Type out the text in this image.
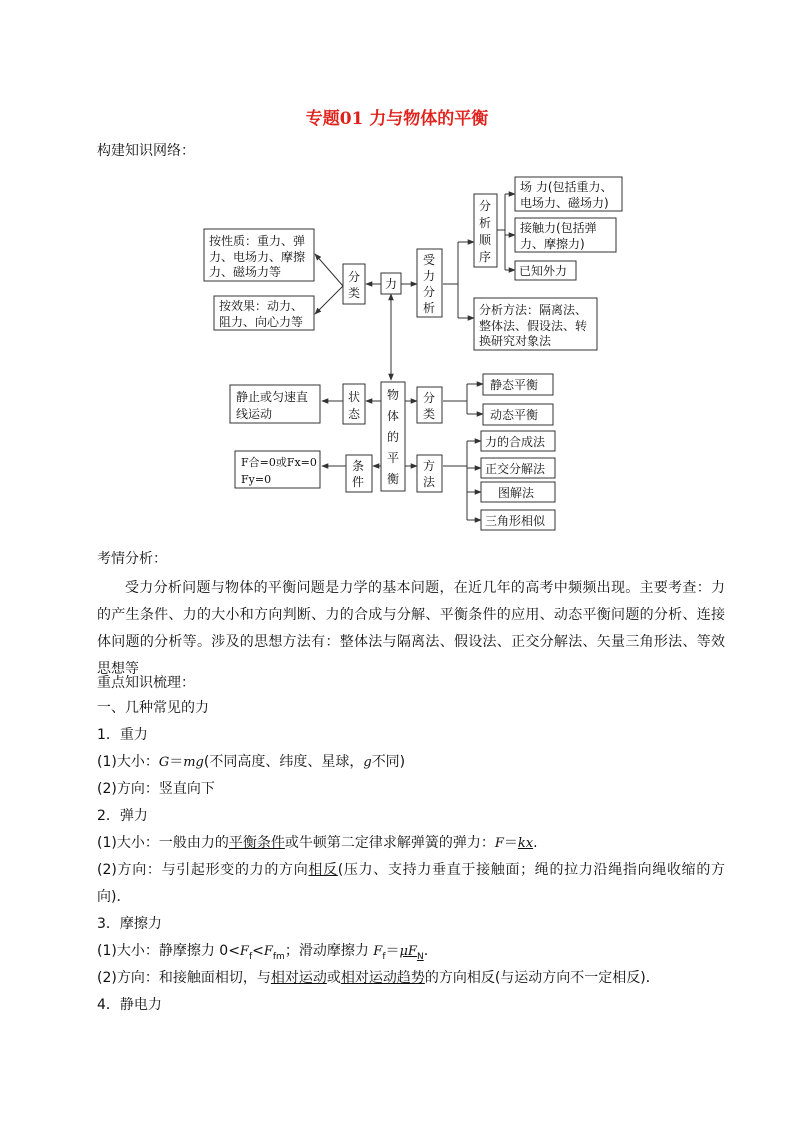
专题01 力与物体的平衡
构建知识网络：
按性质：重力、弹
力、电场力、摩擦
力、磁场力等
按效果：动力、
阻力、向心力等
分
类
力
受
力
分
析
分
析
顺
序
场 力(包括重力、
电场力、磁场力)
接触力(包括弹
力、摩擦力)
已知外力
分析方法：隔离法、
整体法、假设法、转
换研究对象法
静止或匀速直
线运动
状
态
物
体
的
平
衡
分
类
静态平衡
动态平衡
F合=0或Fx=0
Fy=0
条
件
方
法
力的合成法
正交分解法
图解法
三角形相似
考情分析：
受力分析问题与物体的平衡问题是力学的基本问题，在近几年的高考中频频出现。主要考查：力的产生条件、力的大小和方向判断、力的合成与分解、平衡条件的应用、动态平衡问题的分析、连接体问题的分析等。涉及的思想方法有：整体法与隔离法、假设法、正交分解法、矢量三角形法、等效思想等
重点知识梳理：
一、几种常见的力
1．重力
(1)大小：G＝mg(不同高度、纬度、星球，g不同)
(2)方向：竖直向下
2．弹力
(1)大小：一般由力的平衡条件或牛顿第二定律求解弹簧的弹力：F＝kx.
(2)方向：与引起形变的力的方向相反(压力、支持力垂直于接触面；绳的拉力沿绳指向绳收缩的方向)．
3．摩擦力
(1)大小：静摩擦力 $0<F_f<F_{fm}$；滑动摩擦力 $F_f=\mu F_N$.
(2)方向：和接触面相切，与相对运动或相对运动趋势的方向相反(与运动方向不一定相反)．
4．静电力
